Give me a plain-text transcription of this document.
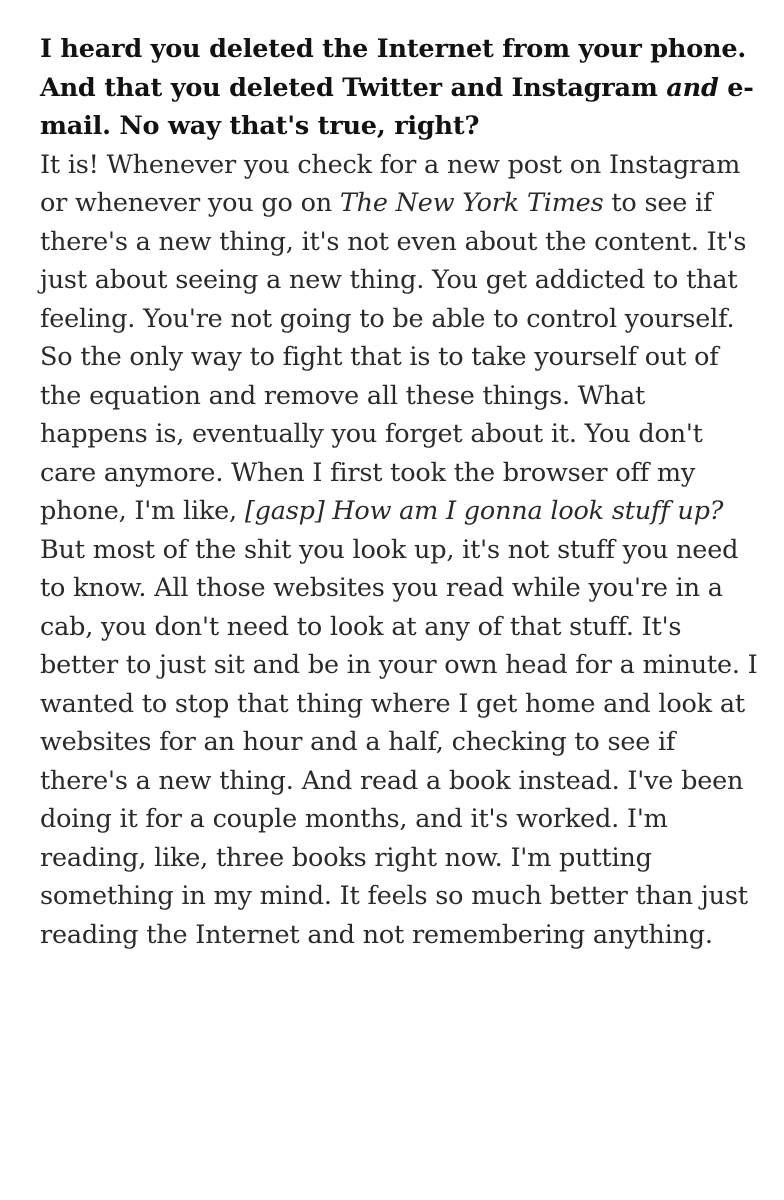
I heard you deleted the Internet from your phone. And that you deleted Twitter and Instagram and e-mail. No way that's true, right?
It is! Whenever you check for a new post on Instagram or whenever you go on The New York Times to see if there's a new thing, it's not even about the content. It's just about seeing a new thing. You get addicted to that feeling. You're not going to be able to control yourself. So the only way to fight that is to take yourself out of the equation and remove all these things. What happens is, eventually you forget about it. You don't care anymore. When I first took the browser off my phone, I'm like, [gasp] How am I gonna look stuff up? But most of the shit you look up, it's not stuff you need to know. All those websites you read while you're in a cab, you don't need to look at any of that stuff. It's better to just sit and be in your own head for a minute. I wanted to stop that thing where I get home and look at websites for an hour and a half, checking to see if there's a new thing. And read a book instead. I've been doing it for a couple months, and it's worked. I'm reading, like, three books right now. I'm putting something in my mind. It feels so much better than just reading the Internet and not remembering anything.
